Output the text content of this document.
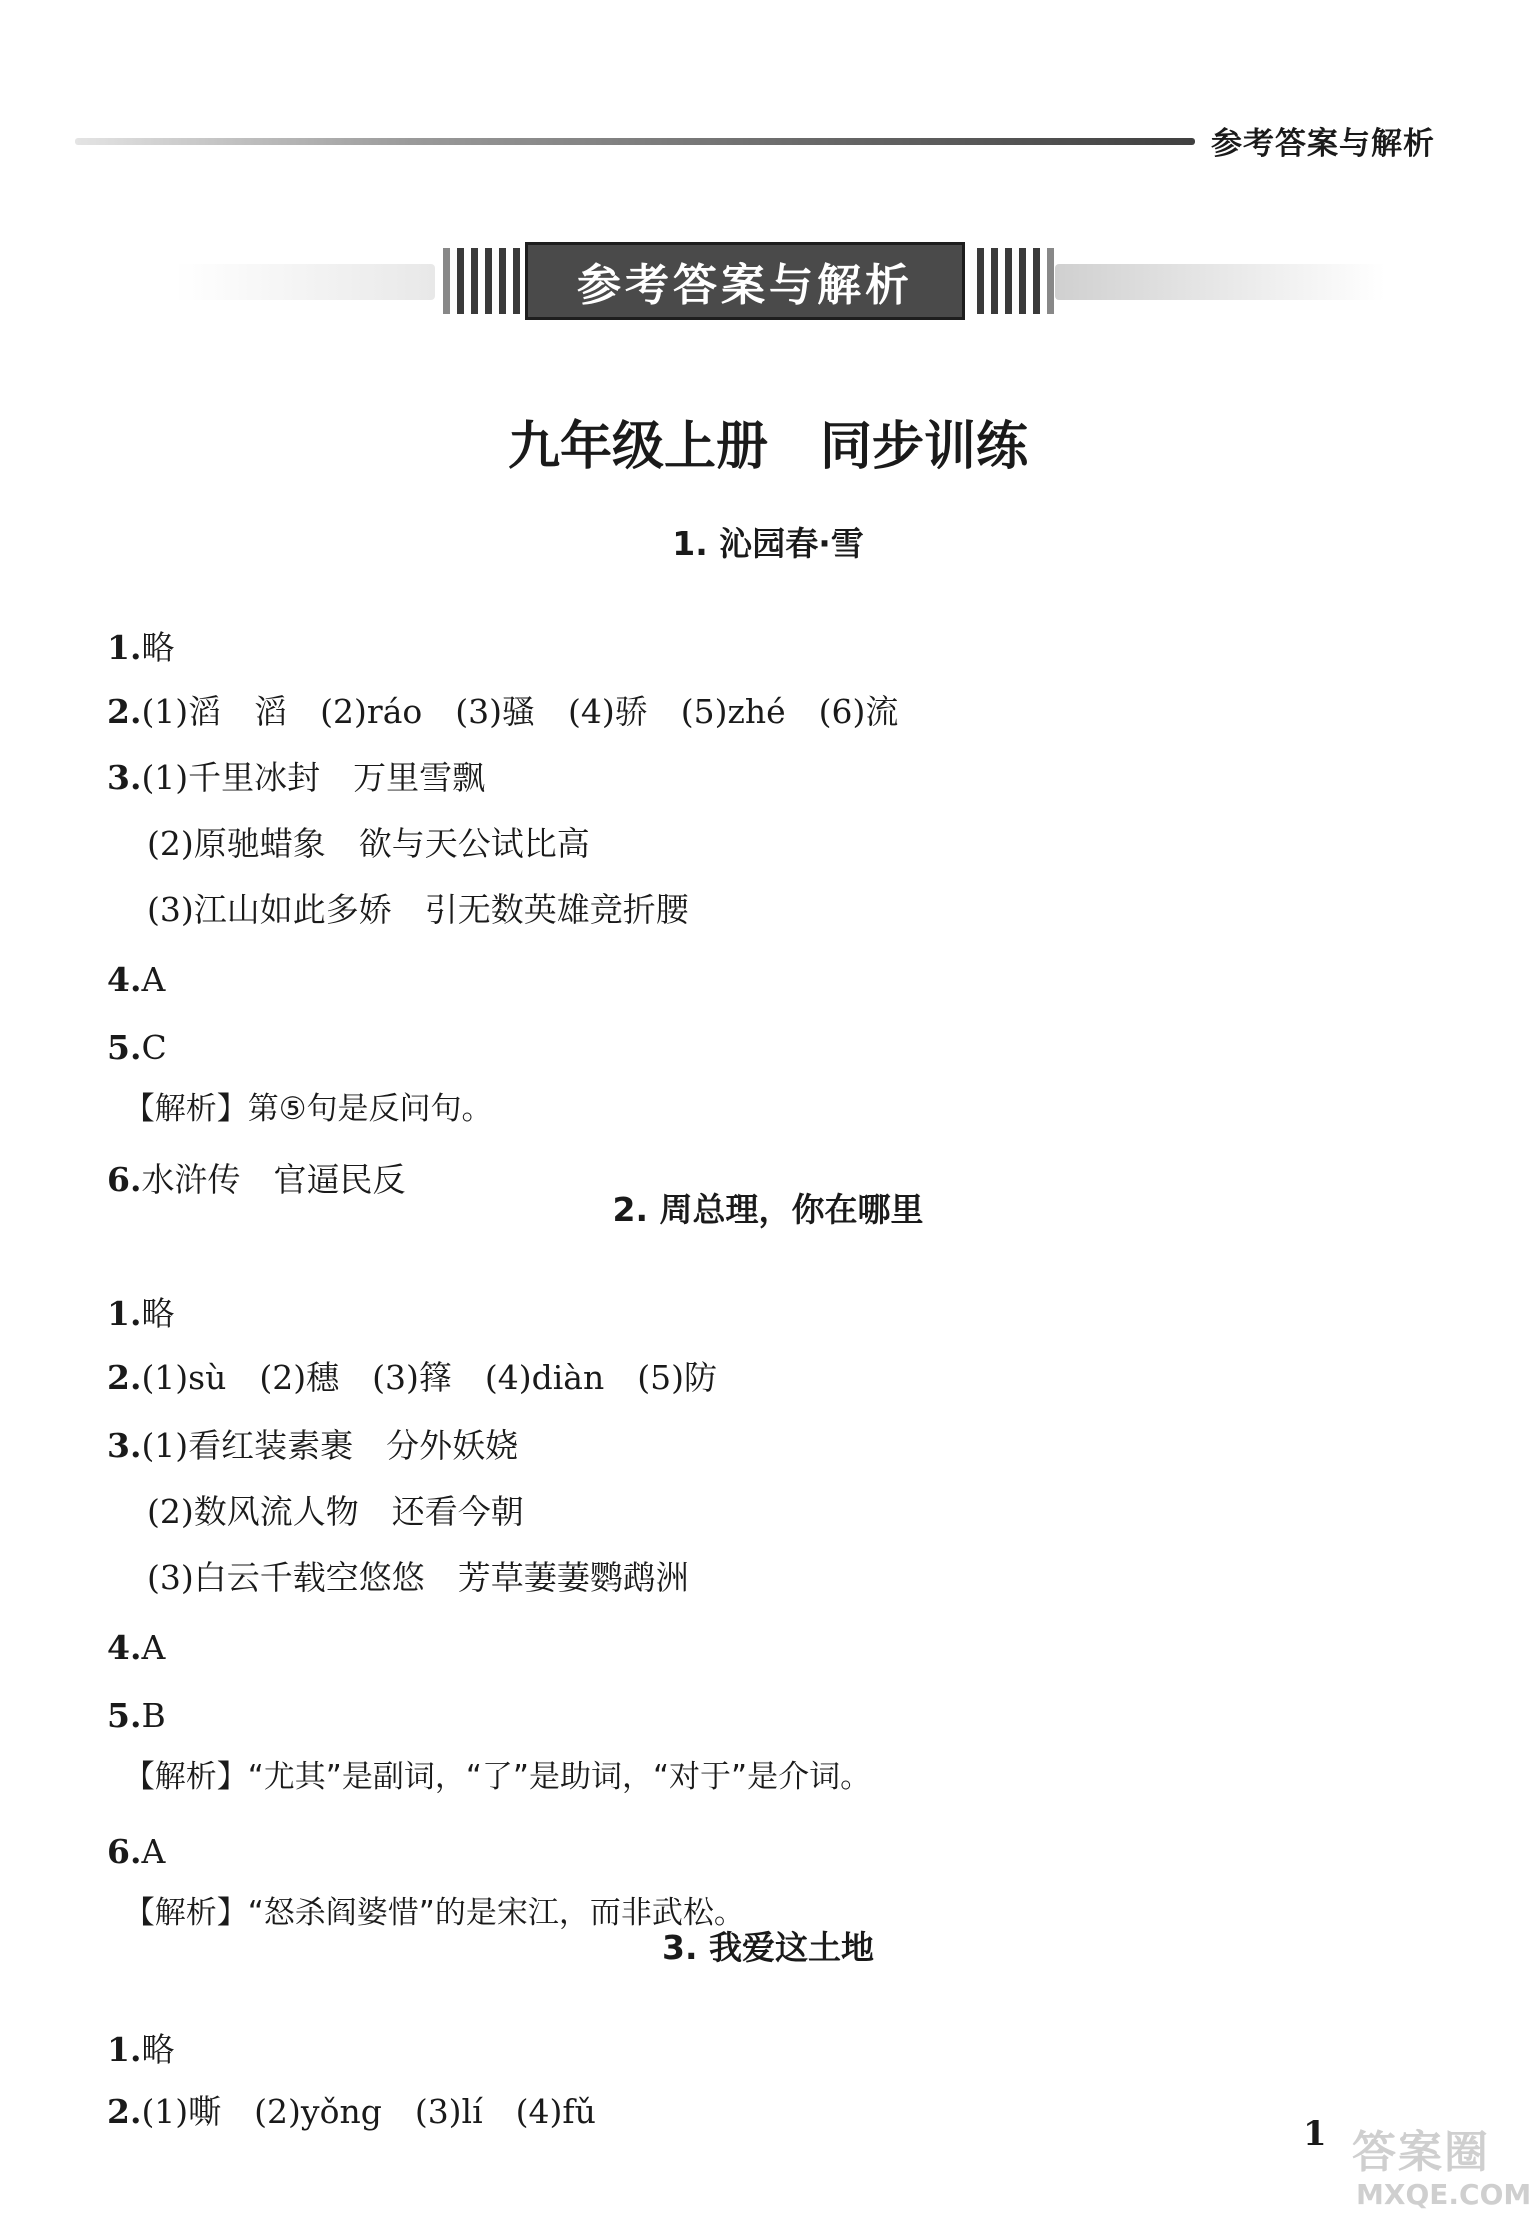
参考答案与解析
参考答案与解析
九年级上册　同步训练
1. 沁园春·雪

1.略

2.(1)滔　滔　(2)ráo　(3)骚　(4)骄　(5)zhé　(6)流

3.(1)千里冰封　万里雪飘

(2)原驰蜡象　欲与天公试比高

(3)江山如此多娇　引无数英雄竞折腰

4.A

5.C

【解析】第⑤句是反问句。

6.水浒传　官逼民反

2. 周总理，你在哪里

1.略

2.(1)sù　(2)穗　(3)箨　(4)diàn　(5)防

3.(1)看红装素裹　分外妖娆

(2)数风流人物　还看今朝

(3)白云千载空悠悠　芳草萋萋鹦鹉洲

4.A

5.B

【解析】“尤其”是副词，“了”是助词，“对于”是介词。

6.A

【解析】“怒杀阎婆惜”的是宋江，而非武松。

3. 我爱这土地

1.略

2.(1)嘶　(2)yǒng　(3)lí　(4)fǔ

1 答案圈
MXQE.COM
